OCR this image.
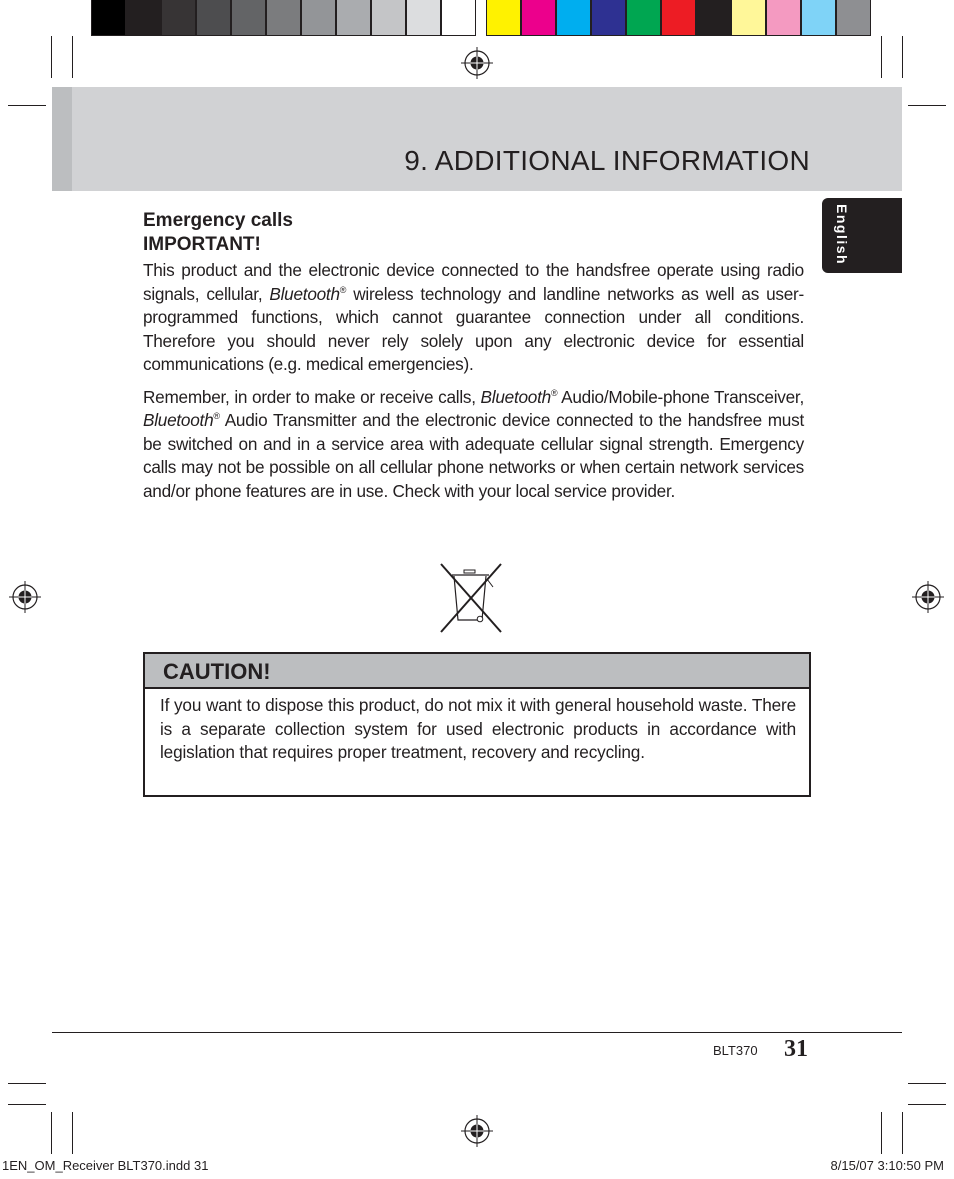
9. ADDITIONAL INFORMATION
English
Emergency calls
IMPORTANT!

This product and the electronic device connected to the handsfree operate using radio signals, cellular, Bluetooth® wireless technology and landline networks as well as user-programmed functions, which cannot guarantee connection under all conditions. Therefore you should never rely solely upon any electronic device for essential communications (e.g. medical emergencies).

Remember, in order to make or receive calls, Bluetooth® Audio/Mobile-phone Transceiver, Bluetooth® Audio Transmitter and the electronic device connected to the handsfree must be switched on and in a service area with adequate cellular signal strength. Emergency calls may not be possible on all cellular phone networks or when certain network services and/or phone features are in use. Check with your local service provider.

CAUTION!

If you want to dispose this product, do not mix it with general household waste. There is a separate collection system for used electronic products in accordance with legislation that requires proper treatment, recovery and recycling.

BLT370 31
1EN_OM_Receiver BLT370.indd 31	8/15/07 3:10:50 PM
